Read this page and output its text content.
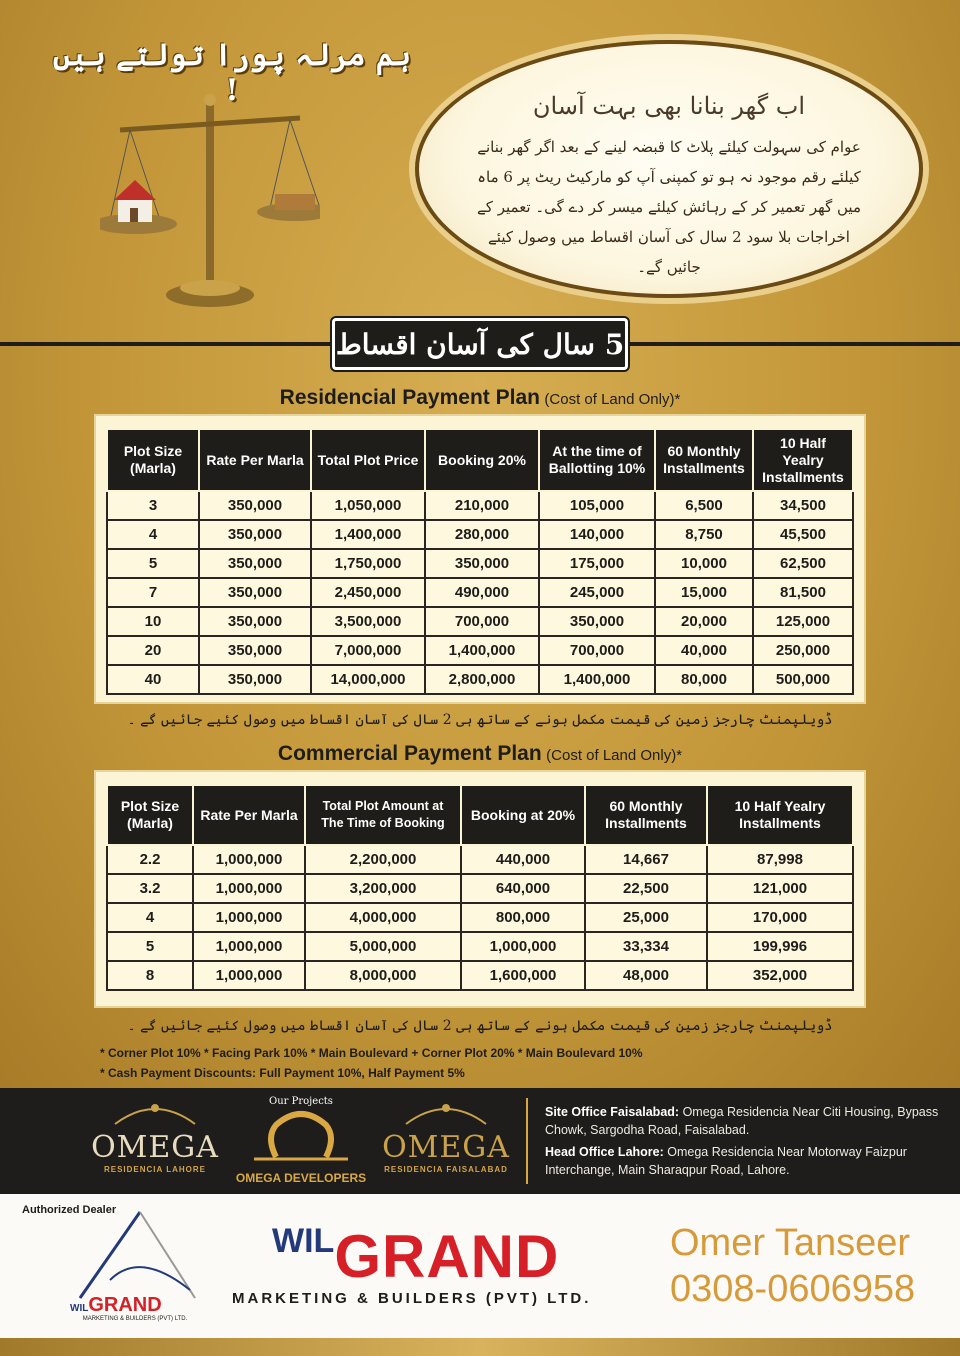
ہم مرلہ پورا تولتے ہیں !	اب گھر بنانا بھی بہت آسان
عوام کی سہولت کیلئے پلاٹ کا قبضہ لینے کے بعد اگر گھر بنانے کیلئے رقم موجود نہ ہو تو کمپنی آپ کو مارکیٹ ریٹ پر 6 ماہ میں گھر تعمیر کر کے رہائش کیلئے میسر کر دے گی۔ تعمیر کے اخراجات بلا سود 2 سال کی آسان اقساط میں وصول کیئے جائیں گے۔
5 سال کی آسان اقساط
Residencial Payment Plan (Cost of Land Only)*
Plot Size (Marla)	Rate Per Marla	Total Plot Price	Booking 20%	At the time of Ballotting 10%	60 Monthly Installments	10 Half Yealry Installments
3	350,000	1,050,000	210,000	105,000	6,500	34,500
4	350,000	1,400,000	280,000	140,000	8,750	45,500
5	350,000	1,750,000	350,000	175,000	10,000	62,500
7	350,000	2,450,000	490,000	245,000	15,000	81,500
10	350,000	3,500,000	700,000	350,000	20,000	125,000
20	350,000	7,000,000	1,400,000	700,000	40,000	250,000
40	350,000	14,000,000	2,800,000	1,400,000	80,000	500,000
ڈویلپمنٹ چارجز زمین کی قیمت مکمل ہونے کے ساتھ ہی 2 سال کی آسان اقساط میں وصول کئیے جائیں گے ۔
Commercial Payment Plan (Cost of Land Only)*
Plot Size (Marla)	Rate Per Marla	Total Plot Amount at The Time of Booking	Booking at 20%	60 Monthly Installments	10 Half Yealry Installments
2.2	1,000,000	2,200,000	440,000	14,667	87,998
3.2	1,000,000	3,200,000	640,000	22,500	121,000
4	1,000,000	4,000,000	800,000	25,000	170,000
5	1,000,000	5,000,000	1,000,000	33,334	199,996
8	1,000,000	8,000,000	1,600,000	48,000	352,000
ڈویلپمنٹ چارجز زمین کی قیمت مکمل ہونے کے ساتھ ہی 2 سال کی آسان اقساط میں وصول کئیے جائیں گے ۔
* Corner Plot 10% * Facing Park 10% * Main Boulevard + Corner Plot 20% * Main Boulevard 10%
* Cash Payment Discounts: Full Payment 10%, Half Payment 5%
OMEGA
RESIDENCIA LAHORE
Our Projects
OMEGA DEVELOPERS
OMEGA
RESIDENCIA FAISALABAD
Site Office Faisalabad: Omega Residencia Near Citi Housing, Bypass Chowk, Sargodha Road, Faisalabad.
Head Office Lahore: Omega Residencia Near Motorway Faizpur Interchange, Main Sharaqpur Road, Lahore.
Authorized Dealer
WILGRAND
MARKETING & BUILDERS (PVT) LTD.
WILGRAND
MARKETING & BUILDERS (PVT) LTD.
Omer Tanseer
0308-0606958
